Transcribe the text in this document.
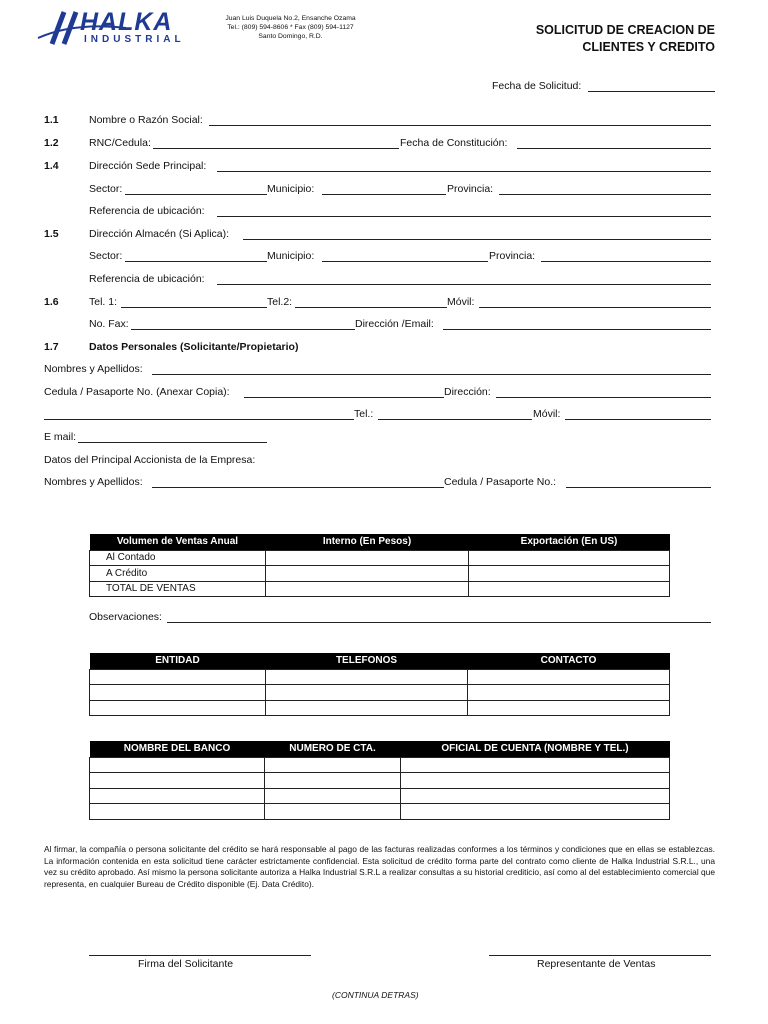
HALKA
INDUSTRIAL
Juan Luis Duquela No.2, Ensanche Ozama
Tel.: (809) 594-8606 * Fax (809) 594-1127
Santo Domingo, R.D.	SOLICITUD DE CREACION DE
CLIENTES Y CREDITO
Fecha de Solicitud:
1.1	Nombre o Razón Social:
1.2	RNC/Cedula:	Fecha de Constitución:
1.4	Dirección Sede Principal:
Sector:	Municipio:	Provincia:
Referencia de ubicación:
1.5	Dirección Almacén (Si Aplica):
Sector:	Municipio:	Provincia:
Referencia de ubicación:
1.6	Tel. 1:	Tel.2:	Móvil:
No. Fax:	Dirección /Email:
1.7	Datos Personales (Solicitante/Propietario)
Nombres y Apellidos:
Cedula / Pasaporte No. (Anexar Copia):	Dirección:
Tel.:	Móvil:
E mail:
Datos del Principal Accionista de la Empresa:
Nombres y Apellidos:	Cedula / Pasaporte No.:
Volumen de Ventas Anual	Interno (En Pesos)	Exportación (En US)
Al Contado		
A Crédito		
TOTAL DE VENTAS		
Observaciones:
ENTIDAD	TELEFONOS	CONTACTO

NOMBRE DEL BANCO	NUMERO DE CTA.	OFICIAL DE CUENTA (NOMBRE Y TEL.)

Al firmar, la compañía o persona solicitante del crédito se hará responsable al pago de las facturas realizadas conformes a los términos y condiciones que en ellas se establezcas. La información contenida en esta solicitud tiene carácter estrictamente confidencial. Esta solicitud de crédito forma parte del contrato como cliente de Halka Industrial S.R.L., una vez su crédito aprobado. Así mismo la persona solicitante autoriza a Halka Industrial S.R.L a realizar consultas a su historial crediticio, así como al del establecimiento comercial que representa, en cualquier Bureau de Crédito disponible (Ej. Data Crédito).
Firma del Solicitante	Representante de Ventas
(CONTINUA DETRAS)
